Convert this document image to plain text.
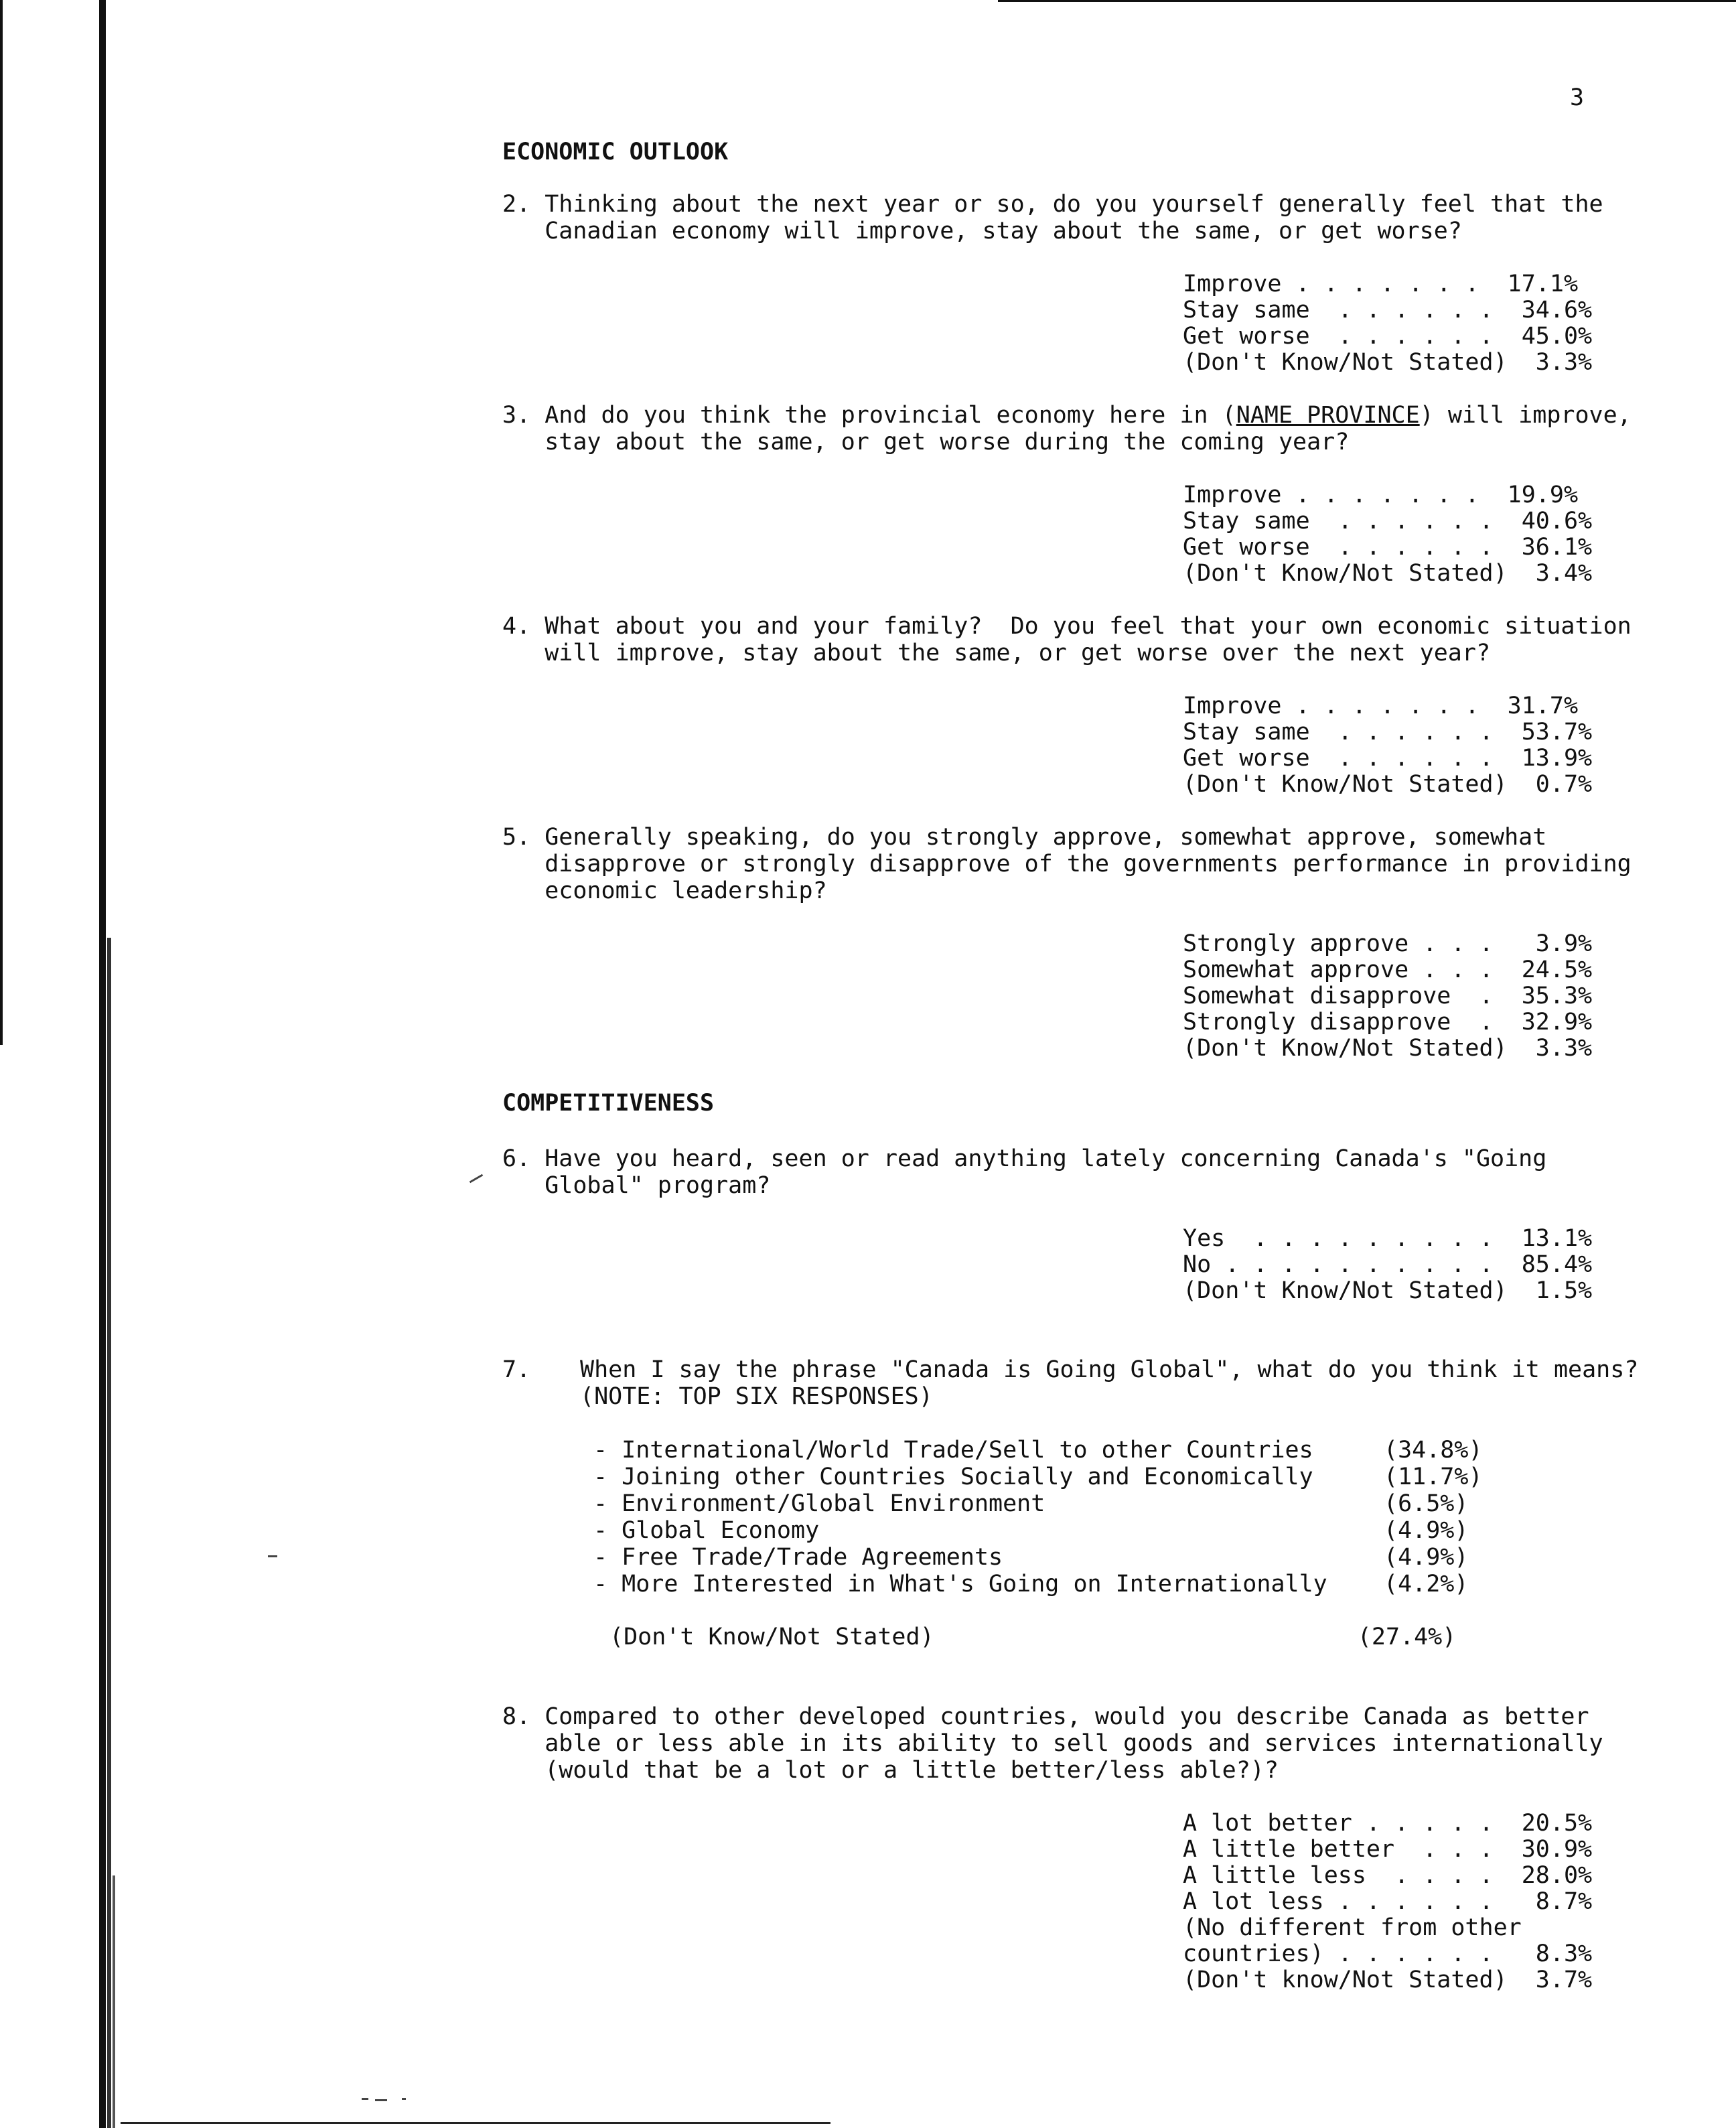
3
ECONOMIC OUTLOOK
2. Thinking about the next year or so, do you yourself generally feel that the
Canadian economy will improve, stay about the same, or get worse?
Improve . . . . . . .  17.1%
Stay same  . . . . . .  34.6%
Get worse  . . . . . .  45.0%
(Don't Know/Not Stated)  3.3%
3. And do you think the provincial economy here in (NAME PROVINCE) will improve,
stay about the same, or get worse during the coming year?
Improve . . . . . . .  19.9%
Stay same  . . . . . .  40.6%
Get worse  . . . . . .  36.1%
(Don't Know/Not Stated)  3.4%
4. What about you and your family?  Do you feel that your own economic situation
will improve, stay about the same, or get worse over the next year?
Improve . . . . . . .  31.7%
Stay same  . . . . . .  53.7%
Get worse  . . . . . .  13.9%
(Don't Know/Not Stated)  0.7%
5. Generally speaking, do you strongly approve, somewhat approve, somewhat
disapprove or strongly disapprove of the governments performance in providing
economic leadership?
Strongly approve . . .   3.9%
Somewhat approve . . .  24.5%
Somewhat disapprove  .  35.3%
Strongly disapprove  .  32.9%
(Don't Know/Not Stated)  3.3%
COMPETITIVENESS
6. Have you heard, seen or read anything lately concerning Canada's "Going
Global" program?
Yes  . . . . . . . . .  13.1%
No . . . . . . . . . .  85.4%
(Don't Know/Not Stated)  1.5%
7. When I say the phrase "Canada is Going Global", what do you think it means?
(NOTE: TOP SIX RESPONSES)
- International/World Trade/Sell to other Countries     (34.8%)
- Joining other Countries Socially and Economically     (11.7%)
- Environment/Global Environment                        (6.5%)
- Global Economy                                        (4.9%)
- Free Trade/Trade Agreements                           (4.9%)
- More Interested in What's Going on Internationally    (4.2%)
(Don't Know/Not Stated)                              (27.4%)
8. Compared to other developed countries, would you describe Canada as better
able or less able in its ability to sell goods and services internationally
(would that be a lot or a little better/less able?)?
A lot better . . . . .  20.5%
A little better  . . .  30.9%
A little less  . . . .  28.0%
A lot less . . . . . .   8.7%
(No different from other
countries) . . . . . .   8.3%
(Don't know/Not Stated)  3.7%
